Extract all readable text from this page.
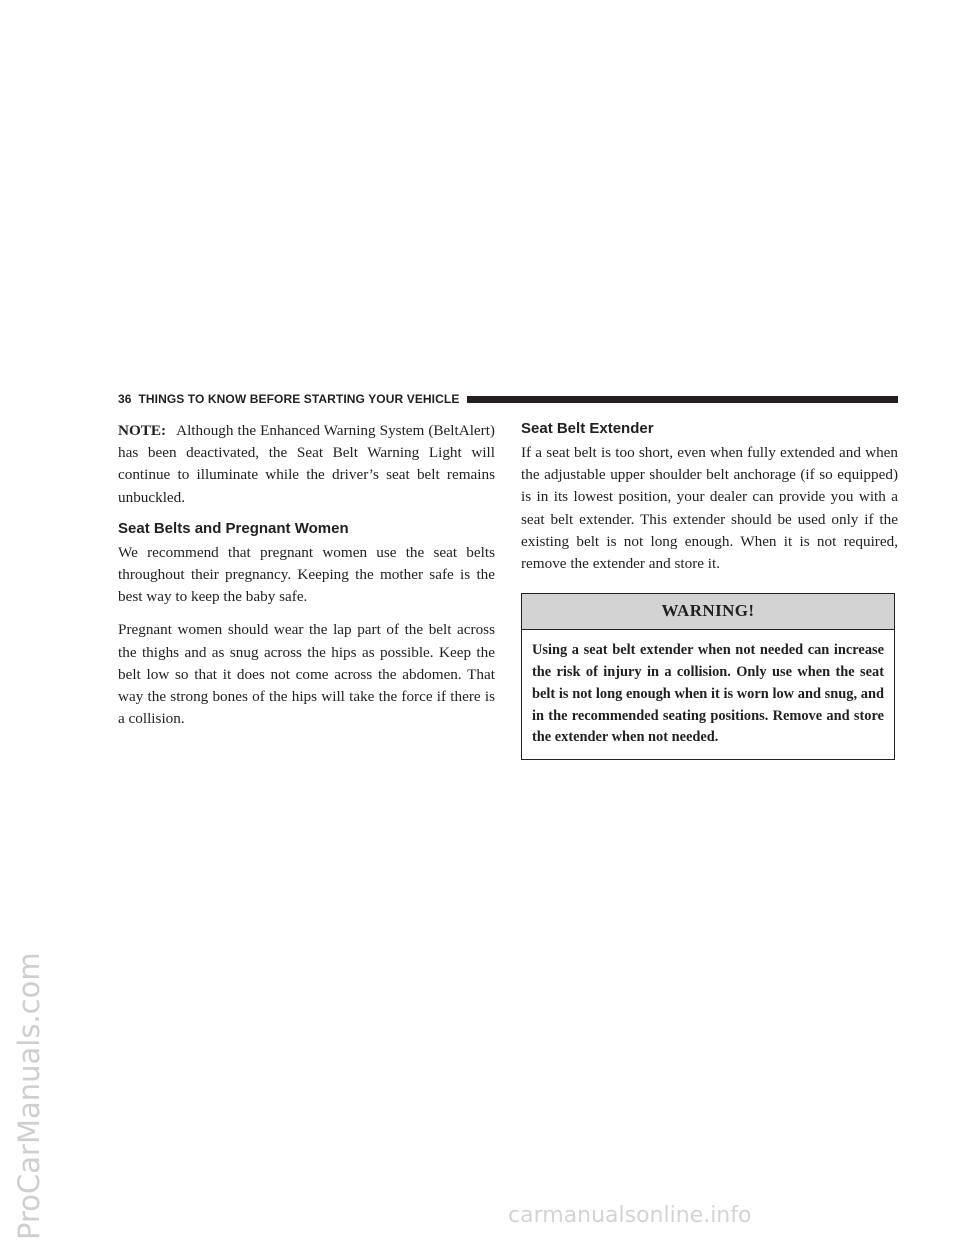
ProCarManuals.com
36 THINGS TO KNOW BEFORE STARTING YOUR VEHICLE

NOTE: Although the Enhanced Warning System (BeltAlert) has been deactivated, the Seat Belt Warning Light will continue to illuminate while the driver’s seat belt remains unbuckled.

Seat Belts and Pregnant Women

We recommend that pregnant women use the seat belts throughout their pregnancy. Keeping the mother safe is the best way to keep the baby safe.

Pregnant women should wear the lap part of the belt across the thighs and as snug across the hips as possible. Keep the belt low so that it does not come across the abdomen. That way the strong bones of the hips will take the force if there is a collision.

Seat Belt Extender

If a seat belt is too short, even when fully extended and when the adjustable upper shoulder belt anchorage (if so equipped) is in its lowest position, your dealer can provide you with a seat belt extender. This extender should be used only if the existing belt is not long enough. When it is not required, remove the extender and store it.

WARNING!
Using a seat belt extender when not needed can increase the risk of injury in a collision. Only use when the seat belt is not long enough when it is worn low and snug, and in the recommended seating positions. Remove and store the extender when not needed.
carmanualsonline.info
